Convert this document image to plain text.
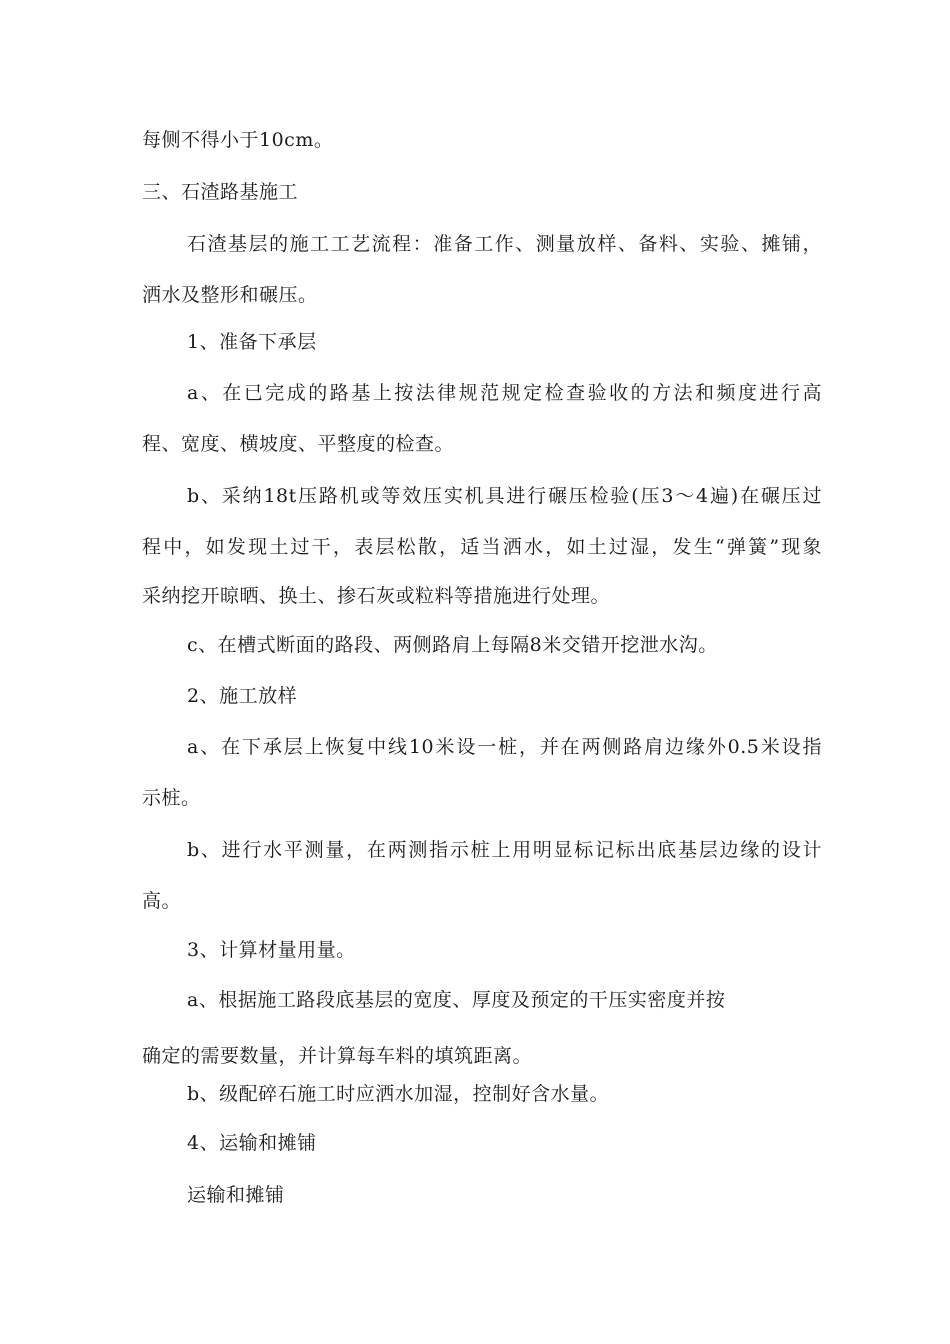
每侧不得小于10cm。
三、石渣路基施工
石渣基层的施工工艺流程：准备工作、测量放样、备料、实验、摊铺，
洒水及整形和碾压。
1、准备下承层
a、在已完成的路基上按法律规范规定检查验收的方法和频度进行高
程、宽度、横坡度、平整度的检查。
b、采纳18t压路机或等效压实机具进行碾压检验(压3〜4遍)在碾压过
程中，如发现土过干，表层松散，适当洒水，如土过湿，发生“弹簧”现象
采纳挖开晾晒、换土、掺石灰或粒料等措施进行处理。
c、在槽式断面的路段、两侧路肩上每隔8米交错开挖泄水沟。
2、施工放样
a、在下承层上恢复中线10米设一桩，并在两侧路肩边缘外0.5米设指
示桩。
b、进行水平测量，在两测指示桩上用明显标记标出底基层边缘的设计
高。
3、计算材量用量。
a、根据施工路段底基层的宽度、厚度及预定的干压实密度并按
确定的需要数量，并计算每车料的填筑距离。
b、级配碎石施工时应洒水加湿，控制好含水量。
4、运输和摊铺
运输和摊铺
